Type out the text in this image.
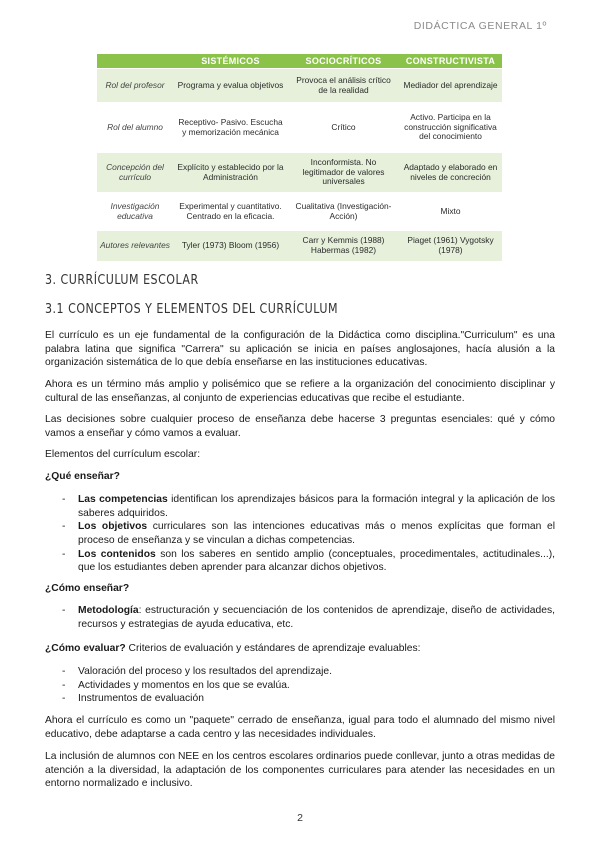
DIDÁCTICA GENERAL 1º
	SISTÉMICOS	SOCIOCRÍTICOS	CONSTRUCTIVISTA
Rol del profesor	Programa y evalua objetivos	Provoca el análisis crítico de la realidad	Mediador del aprendizaje
Rol del alumno	Receptivo- Pasivo. Escucha y memorización mecánica	Crítico	Activo. Participa en la construcción significativa del conocimiento
Concepción del currículo	Explícito y establecido por la Administración	Inconformista. No legitimador de valores universales	Adaptado y elaborado en niveles de concreción
Investigación educativa	Experimental y cuantitativo. Centrado en la eficacia.	Cualitativa (Investigación-Acción)	Mixto
Autores relevantes	Tyler (1973) Bloom (1956)	Carr y Kemmis (1988) Habermas (1982)	Piaget (1961) Vygotsky (1978)
3. CURRÍCULUM ESCOLAR
3.1 CONCEPTOS Y ELEMENTOS DEL CURRÍCULUM

El currículo es un eje fundamental de la configuración de la Didáctica como disciplina."Curriculum" es una palabra latina que significa "Carrera" su aplicación se inicia en países anglosajones, hacía alusión a la organización sistemática de lo que debía enseñarse en las instituciones educativas.

Ahora es un término más amplio y polisémico que se refiere a la organización del conocimiento disciplinar y cultural de las enseñanzas, al conjunto de experiencias educativas que recibe el estudiante.

Las decisiones sobre cualquier proceso de enseñanza debe hacerse 3 preguntas esenciales: qué y cómo vamos a enseñar y cómo vamos a evaluar.

Elementos del currículum escolar:

¿Qué enseñar?

- Las competencias identifican los aprendizajes básicos para la formación integral y la aplicación de los saberes adquiridos.
- Los objetivos curriculares son las intenciones educativas más o menos explícitas que forman el proceso de enseñanza y se vinculan a dichas competencias.
- Los contenidos son los saberes en sentido amplio (conceptuales, procedimentales, actitudinales...), que los estudiantes deben aprender para alcanzar dichos objetivos.

¿Cómo enseñar?

- Metodología: estructuración y secuenciación de los contenidos de aprendizaje, diseño de actividades, recursos y estrategias de ayuda educativa, etc.

¿Cómo evaluar? Criterios de evaluación y estándares de aprendizaje evaluables:

- Valoración del proceso y los resultados del aprendizaje.
- Actividades y momentos en los que se evalúa.
- Instrumentos de evaluación

Ahora el currículo es como un "paquete" cerrado de enseñanza, igual para todo el alumnado del mismo nivel educativo, debe adaptarse a cada centro y las necesidades individuales.

La inclusión de alumnos con NEE en los centros escolares ordinarios puede conllevar, junto a otras medidas de atención a la diversidad, la adaptación de los componentes curriculares para atender las necesidades en un entorno normalizado e inclusivo.

2
